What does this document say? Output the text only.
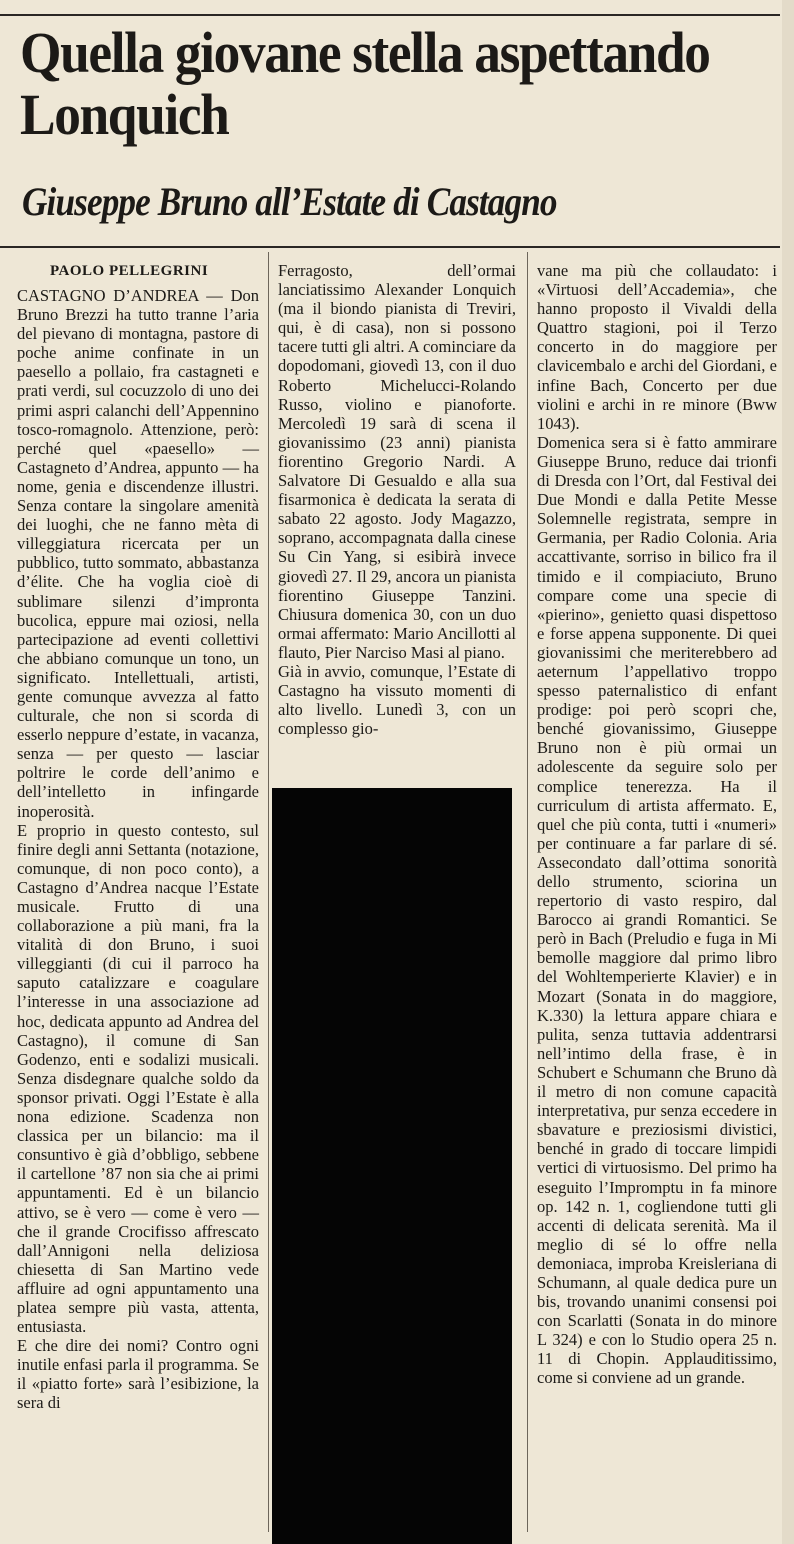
Quella giovane stella aspettando Lonquich
Giuseppe Bruno all’Estate di Castagno
PAOLO PELLEGRINI

CASTAGNO D’ANDREA — Don Bruno Brezzi ha tutto tranne l’aria del pievano di montagna, pastore di poche anime confinate in un paesello a pollaio, fra castagneti e prati verdi, sul cocuzzolo di uno dei primi aspri calanchi dell’Appennino tosco-romagnolo. Attenzione, però: perché quel «paesello» — Castagneto d’Andrea, appunto — ha nome, genia e discendenze illustri. Senza contare la singolare amenità dei luoghi, che ne fanno mèta di villeggiatura ricercata per un pubblico, tutto sommato, abbastanza d’élite. Che ha voglia cioè di sublimare silenzi d’impronta bucolica, eppure mai oziosi, nella partecipazione ad eventi collettivi che abbiano comunque un tono, un significato. Intellettuali, artisti, gente comunque avvezza al fatto culturale, che non si scorda di esserlo neppure d’estate, in vacanza, senza — per questo — lasciar poltrire le corde dell’animo e dell’intelletto in infingarde inoperosità.

E proprio in questo contesto, sul finire degli anni Settanta (notazione, comunque, di non poco conto), a Castagno d’Andrea nacque l’Estate musicale. Frutto di una collaborazione a più mani, fra la vitalità di don Bruno, i suoi villeggianti (di cui il parroco ha saputo catalizzare e coagulare l’interesse in una associazione ad hoc, dedicata appunto ad Andrea del Castagno), il comune di San Godenzo, enti e sodalizi musicali. Senza disdegnare qualche soldo da sponsor privati. Oggi l’Estate è alla nona edizione. Scadenza non classica per un bilancio: ma il consuntivo è già d’obbligo, sebbene il cartellone ’87 non sia che ai primi appuntamenti. Ed è un bilancio attivo, se è vero — come è vero — che il grande Crocifisso affrescato dall’Annigoni nella deliziosa chiesetta di San Martino vede affluire ad ogni appuntamento una platea sempre più vasta, attenta, entusiasta.

E che dire dei nomi? Contro ogni inutile enfasi parla il programma. Se il «piatto forte» sarà l’esibizione, la sera di

Ferragosto, dell’ormai lanciatissimo Alexander Lonquich (ma il biondo pianista di Treviri, qui, è di casa), non si possono tacere tutti gli altri. A cominciare da dopodomani, giovedì 13, con il duo Roberto Michelucci-Rolando Russo, violino e pianoforte. Mercoledì 19 sarà di scena il giovanissimo (23 anni) pianista fiorentino Gregorio Nardi. A Salvatore Di Gesualdo e alla sua fisarmonica è dedicata la serata di sabato 22 agosto. Jody Magazzo, soprano, accompagnata dalla cinese Su Cin Yang, si esibirà invece giovedì 27. Il 29, ancora un pianista fiorentino Giuseppe Tanzini. Chiusura domenica 30, con un duo ormai affermato: Mario Ancillotti al flauto, Pier Narciso Masi al piano.

Già in avvio, comunque, l’Estate di Castagno ha vissuto momenti di alto livello. Lunedì 3, con un complesso gio-

vane ma più che collaudato: i «Virtuosi dell’Accademia», che hanno proposto il Vivaldi della Quattro stagioni, poi il Terzo concerto in do maggiore per clavicembalo e archi del Giordani, e infine Bach, Concerto per due violini e archi in re minore (Bww 1043).

Domenica sera si è fatto ammirare Giuseppe Bruno, reduce dai trionfi di Dresda con l’Ort, dal Festival dei Due Mondi e dalla Petite Messe Solemnelle registrata, sempre in Germania, per Radio Colonia. Aria accattivante, sorriso in bilico fra il timido e il compiaciuto, Bruno compare come una specie di «pierino», genietto quasi dispettoso e forse appena supponente. Di quei giovanissimi che meriterebbero ad aeternum l’appellativo troppo spesso paternalistico di enfant prodige: poi però scopri che, benché giovanissimo, Giuseppe Bruno non è più ormai un adolescente da seguire solo per complice tenerezza. Ha il curriculum di artista affermato. E, quel che più conta, tutti i «numeri» per continuare a far parlare di sé. Assecondato dall’ottima sonorità dello strumento, sciorina un repertorio di vasto respiro, dal Barocco ai grandi Romantici. Se però in Bach (Preludio e fuga in Mi bemolle maggiore dal primo libro del Wohltemperierte Klavier) e in Mozart (Sonata in do maggiore, K.330) la lettura appare chiara e pulita, senza tuttavia addentrarsi nell’intimo della frase, è in Schubert e Schumann che Bruno dà il metro di non comune capacità interpretativa, pur senza eccedere in sbavature e preziosismi divistici, benché in grado di toccare limpidi vertici di virtuosismo. Del primo ha eseguito l’Impromptu in fa minore op. 142 n. 1, cogliendone tutti gli accenti di delicata serenità. Ma il meglio di sé lo offre nella demoniaca, improba Kreisleriana di Schumann, al quale dedica pure un bis, trovando unanimi consensi poi con Scarlatti (Sonata in do minore L 324) e con lo Studio opera 25 n. 11 di Chopin. Applauditissimo, come si conviene ad un grande.
